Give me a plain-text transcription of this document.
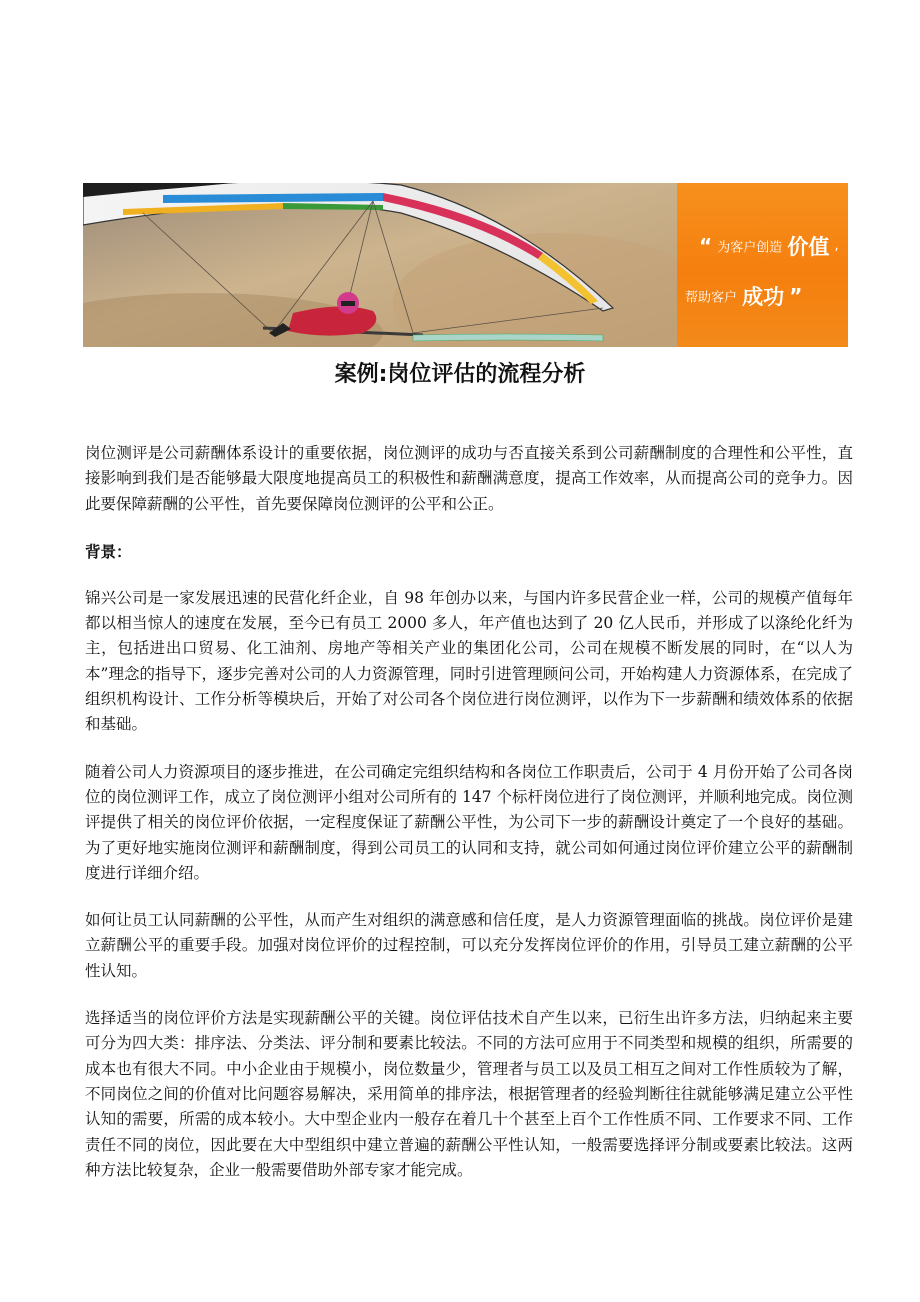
“ 为客户创造 价值 ,
帮助客户 成功 ”
案例:岗位评估的流程分析

岗位测评是公司薪酬体系设计的重要依据，岗位测评的成功与否直接关系到公司薪酬制度的合理性和公平性，直接影响到我们是否能够最大限度地提高员工的积极性和薪酬满意度，提高工作效率，从而提高公司的竞争力。因此要保障薪酬的公平性，首先要保障岗位测评的公平和公正。

背景：

锦兴公司是一家发展迅速的民营化纤企业，自 98 年创办以来，与国内许多民营企业一样，公司的规模产值每年都以相当惊人的速度在发展，至今已有员工 2000 多人，年产值也达到了 20 亿人民币，并形成了以涤纶化纤为主，包括进出口贸易、化工油剂、房地产等相关产业的集团化公司，公司在规模不断发展的同时，在“以人为本”理念的指导下，逐步完善对公司的人力资源管理，同时引进管理顾问公司，开始构建人力资源体系，在完成了组织机构设计、工作分析等模块后，开始了对公司各个岗位进行岗位测评，以作为下一步薪酬和绩效体系的依据和基础。

随着公司人力资源项目的逐步推进，在公司确定完组织结构和各岗位工作职责后，公司于 4 月份开始了公司各岗位的岗位测评工作，成立了岗位测评小组对公司所有的 147 个标杆岗位进行了岗位测评，并顺利地完成。岗位测评提供了相关的岗位评价依据，一定程度保证了薪酬公平性，为公司下一步的薪酬设计奠定了一个良好的基础。为了更好地实施岗位测评和薪酬制度，得到公司员工的认同和支持，就公司如何通过岗位评价建立公平的薪酬制度进行详细介绍。

如何让员工认同薪酬的公平性，从而产生对组织的满意感和信任度，是人力资源管理面临的挑战。岗位评价是建立薪酬公平的重要手段。加强对岗位评价的过程控制，可以充分发挥岗位评价的作用，引导员工建立薪酬的公平性认知。

选择适当的岗位评价方法是实现薪酬公平的关键。岗位评估技术自产生以来，已衍生出许多方法，归纳起来主要可分为四大类：排序法、分类法、评分制和要素比较法。不同的方法可应用于不同类型和规模的组织，所需要的成本也有很大不同。中小企业由于规模小，岗位数量少，管理者与员工以及员工相互之间对工作性质较为了解，不同岗位之间的价值对比问题容易解决，采用简单的排序法，根据管理者的经验判断往往就能够满足建立公平性认知的需要，所需的成本较小。大中型企业内一般存在着几十个甚至上百个工作性质不同、工作要求不同、工作责任不同的岗位，因此要在大中型组织中建立普遍的薪酬公平性认知，一般需要选择评分制或要素比较法。这两种方法比较复杂，企业一般需要借助外部专家才能完成。
